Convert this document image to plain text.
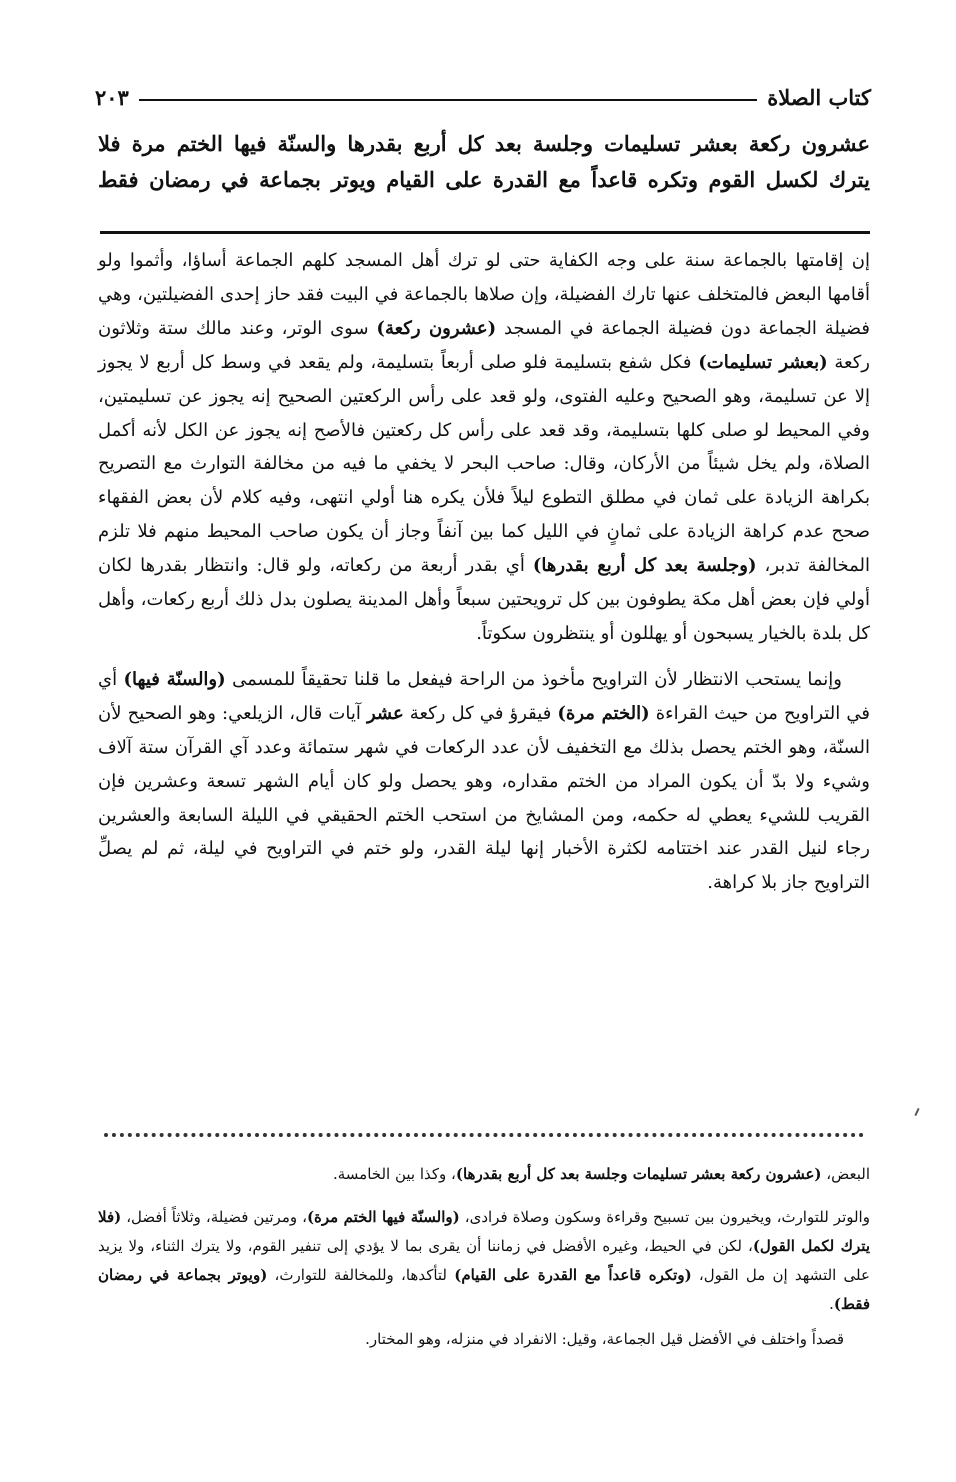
كتاب الصلاة
٢٠٣
عشرون ركعة بعشر تسليمات وجلسة بعد كل أربع بقدرها والسنّة فيها الختم مرة فلا
يترك لكسل القوم وتكره قاعداً مع القدرة على القيام ويوتر بجماعة في رمضان فقط

إن إقامتها بالجماعة سنة على وجه الكفاية حتى لو ترك أهل المسجد كلهم الجماعة أساؤا، وأثموا ولو أقامها البعض فالمتخلف عنها تارك الفضيلة، وإن صلاها بالجماعة في البيت فقد حاز إحدى الفضيلتين، وهي فضيلة الجماعة دون فضيلة الجماعة في المسجد (عشرون ركعة) سوى الوتر، وعند مالك ستة وثلاثون ركعة (بعشر تسليمات) فكل شفع بتسليمة فلو صلى أربعاً بتسليمة، ولم يقعد في وسط كل أربع لا يجوز إلا عن تسليمة، وهو الصحيح وعليه الفتوى، ولو قعد على رأس الركعتين الصحيح إنه يجوز عن تسليمتين، وفي المحيط لو صلى كلها بتسليمة، وقد قعد على رأس كل ركعتين فالأصح إنه يجوز عن الكل لأنه أكمل الصلاة، ولم يخل شيئاً من الأركان، وقال: صاحب البحر لا يخفي ما فيه من مخالفة التوارث مع التصريح بكراهة الزيادة على ثمان في مطلق التطوع ليلاً فلأن يكره هنا أولي انتهى، وفيه كلام لأن بعض الفقهاء صحح عدم كراهة الزيادة على ثمانٍ في الليل كما بين آنفاً وجاز أن يكون صاحب المحيط منهم فلا تلزم المخالفة تدبر، (وجلسة بعد كل أربع بقدرها) أي بقدر أربعة من ركعاته، ولو قال: وانتظار بقدرها لكان أولي فإن بعض أهل مكة يطوفون بين كل ترويحتين سبعاً وأهل المدينة يصلون بدل ذلك أربع ركعات، وأهل كل بلدة بالخيار يسبحون أو يهللون أو ينتظرون سكوتاً.

وإنما يستحب الانتظار لأن التراويح مأخوذ من الراحة فيفعل ما قلنا تحقيقاً للمسمى (والسنّة فيها) أي في التراويح من حيث القراءة (الختم مرة) فيقرؤ في كل ركعة عشر آيات قال، الزيلعي: وهو الصحيح لأن السنّة، وهو الختم يحصل بذلك مع التخفيف لأن عدد الركعات في شهر ستمائة وعدد آي القرآن ستة آلاف وشيء ولا بدّ أن يكون المراد من الختم مقداره، وهو يحصل ولو كان أيام الشهر تسعة وعشرين فإن القريب للشيء يعطي له حكمه، ومن المشايخ من استحب الختم الحقيقي في الليلة السابعة والعشرين رجاء لنيل القدر عند اختتامه لكثرة الأخبار إنها ليلة القدر، ولو ختم في التراويح في ليلة، ثم لم يصلِّ التراويح جاز بلا كراهة.

البعض، (عشرون ركعة بعشر تسليمات وجلسة بعد كل أربع بقدرها)، وكذا بين الخامسة.

والوتر للتوارث، ويخيرون بين تسبيح وقراءة وسكون وصلاة فرادى، (والسنّة فيها الختم مرة)، ومرتين فضيلة، وثلاثاً أفضل، (فلا يترك لكمل القول)، لكن في الحيط، وغيره الأفضل في زماننا أن يقرى بما لا يؤدي إلى تنفير القوم، ولا يترك الثناء، ولا يزيد على التشهد إن مل القول، (وتكره قاعداً مع القدرة على القيام) لتأكدها، وللمخالفة للتوارث، (ويوتر بجماعة في رمضان فقط).

قصداً واختلف في الأفضل قيل الجماعة، وقيل: الانفراد في منزله، وهو المختار.
